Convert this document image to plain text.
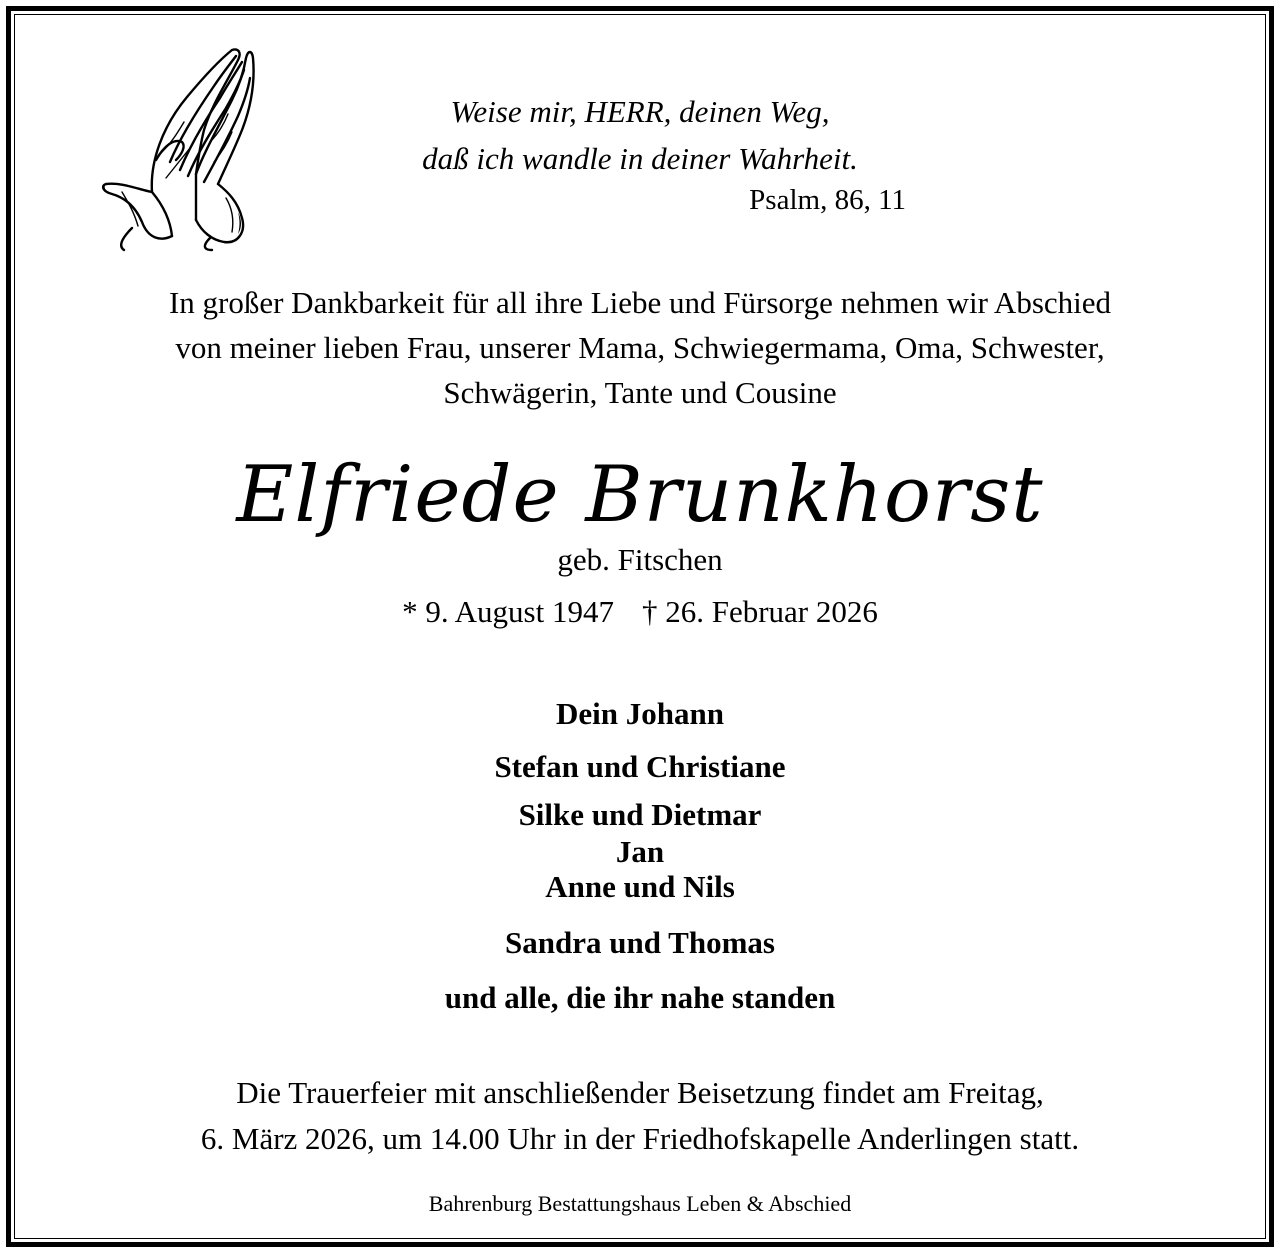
Weise mir, HERR, deinen Weg,
daß ich wandle in deiner Wahrheit.
Psalm, 86, 11
In großer Dankbarkeit für all ihre Liebe und Fürsorge nehmen wir Abschied
von meiner lieben Frau, unserer Mama, Schwiegermama, Oma, Schwester,
Schwägerin, Tante und Cousine
Elfriede Brunkhorst
geb. Fitschen
* 9. August 1947 † 26. Februar 2026
Dein Johann
Stefan und Christiane
Silke und Dietmar
Jan
Anne und Nils
Sandra und Thomas
und alle, die ihr nahe standen
Die Trauerfeier mit anschließender Beisetzung findet am Freitag,
6. März 2026, um 14.00 Uhr in der Friedhofskapelle Anderlingen statt.
Bahrenburg Bestattungshaus Leben & Abschied
